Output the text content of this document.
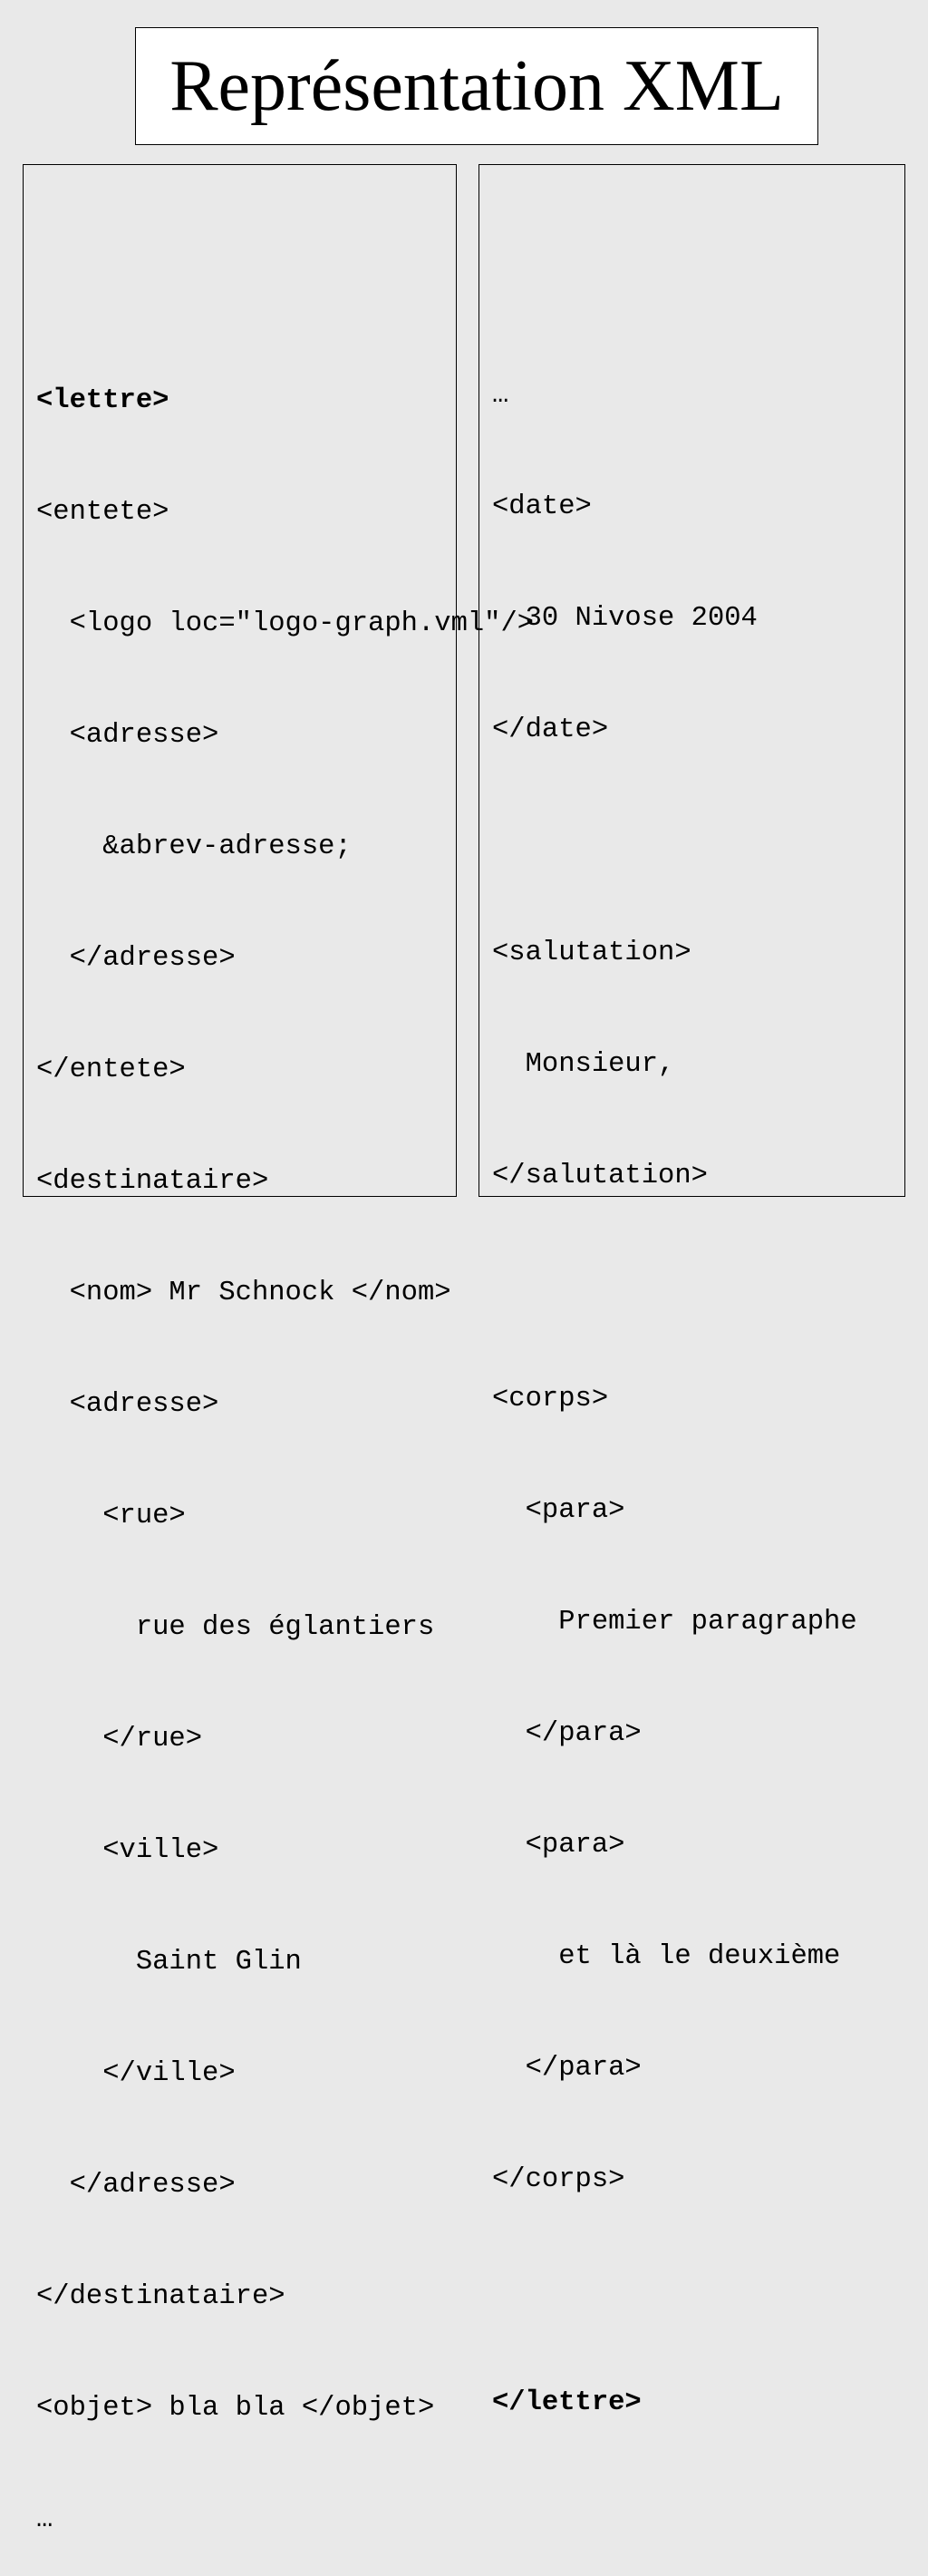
Représentation XML

<lettre>

<entete>

<logo loc="logo-graph.vml"/>

<adresse>

&abrev-adresse;

</adresse>

</entete>

<destinataire>

<nom> Mr Schnock </nom>

<adresse>

<rue>

rue des églantiers

</rue>

<ville>

Saint Glin

</ville>

</adresse>

</destinataire>

<objet> bla bla </objet>

…

…

<date>

30 Nivose 2004

</date>

<salutation>

Monsieur,

</salutation>

<corps>

<para>

Premier paragraphe

</para>

<para>

et là le deuxième

</para>

</corps>

</lettre>
